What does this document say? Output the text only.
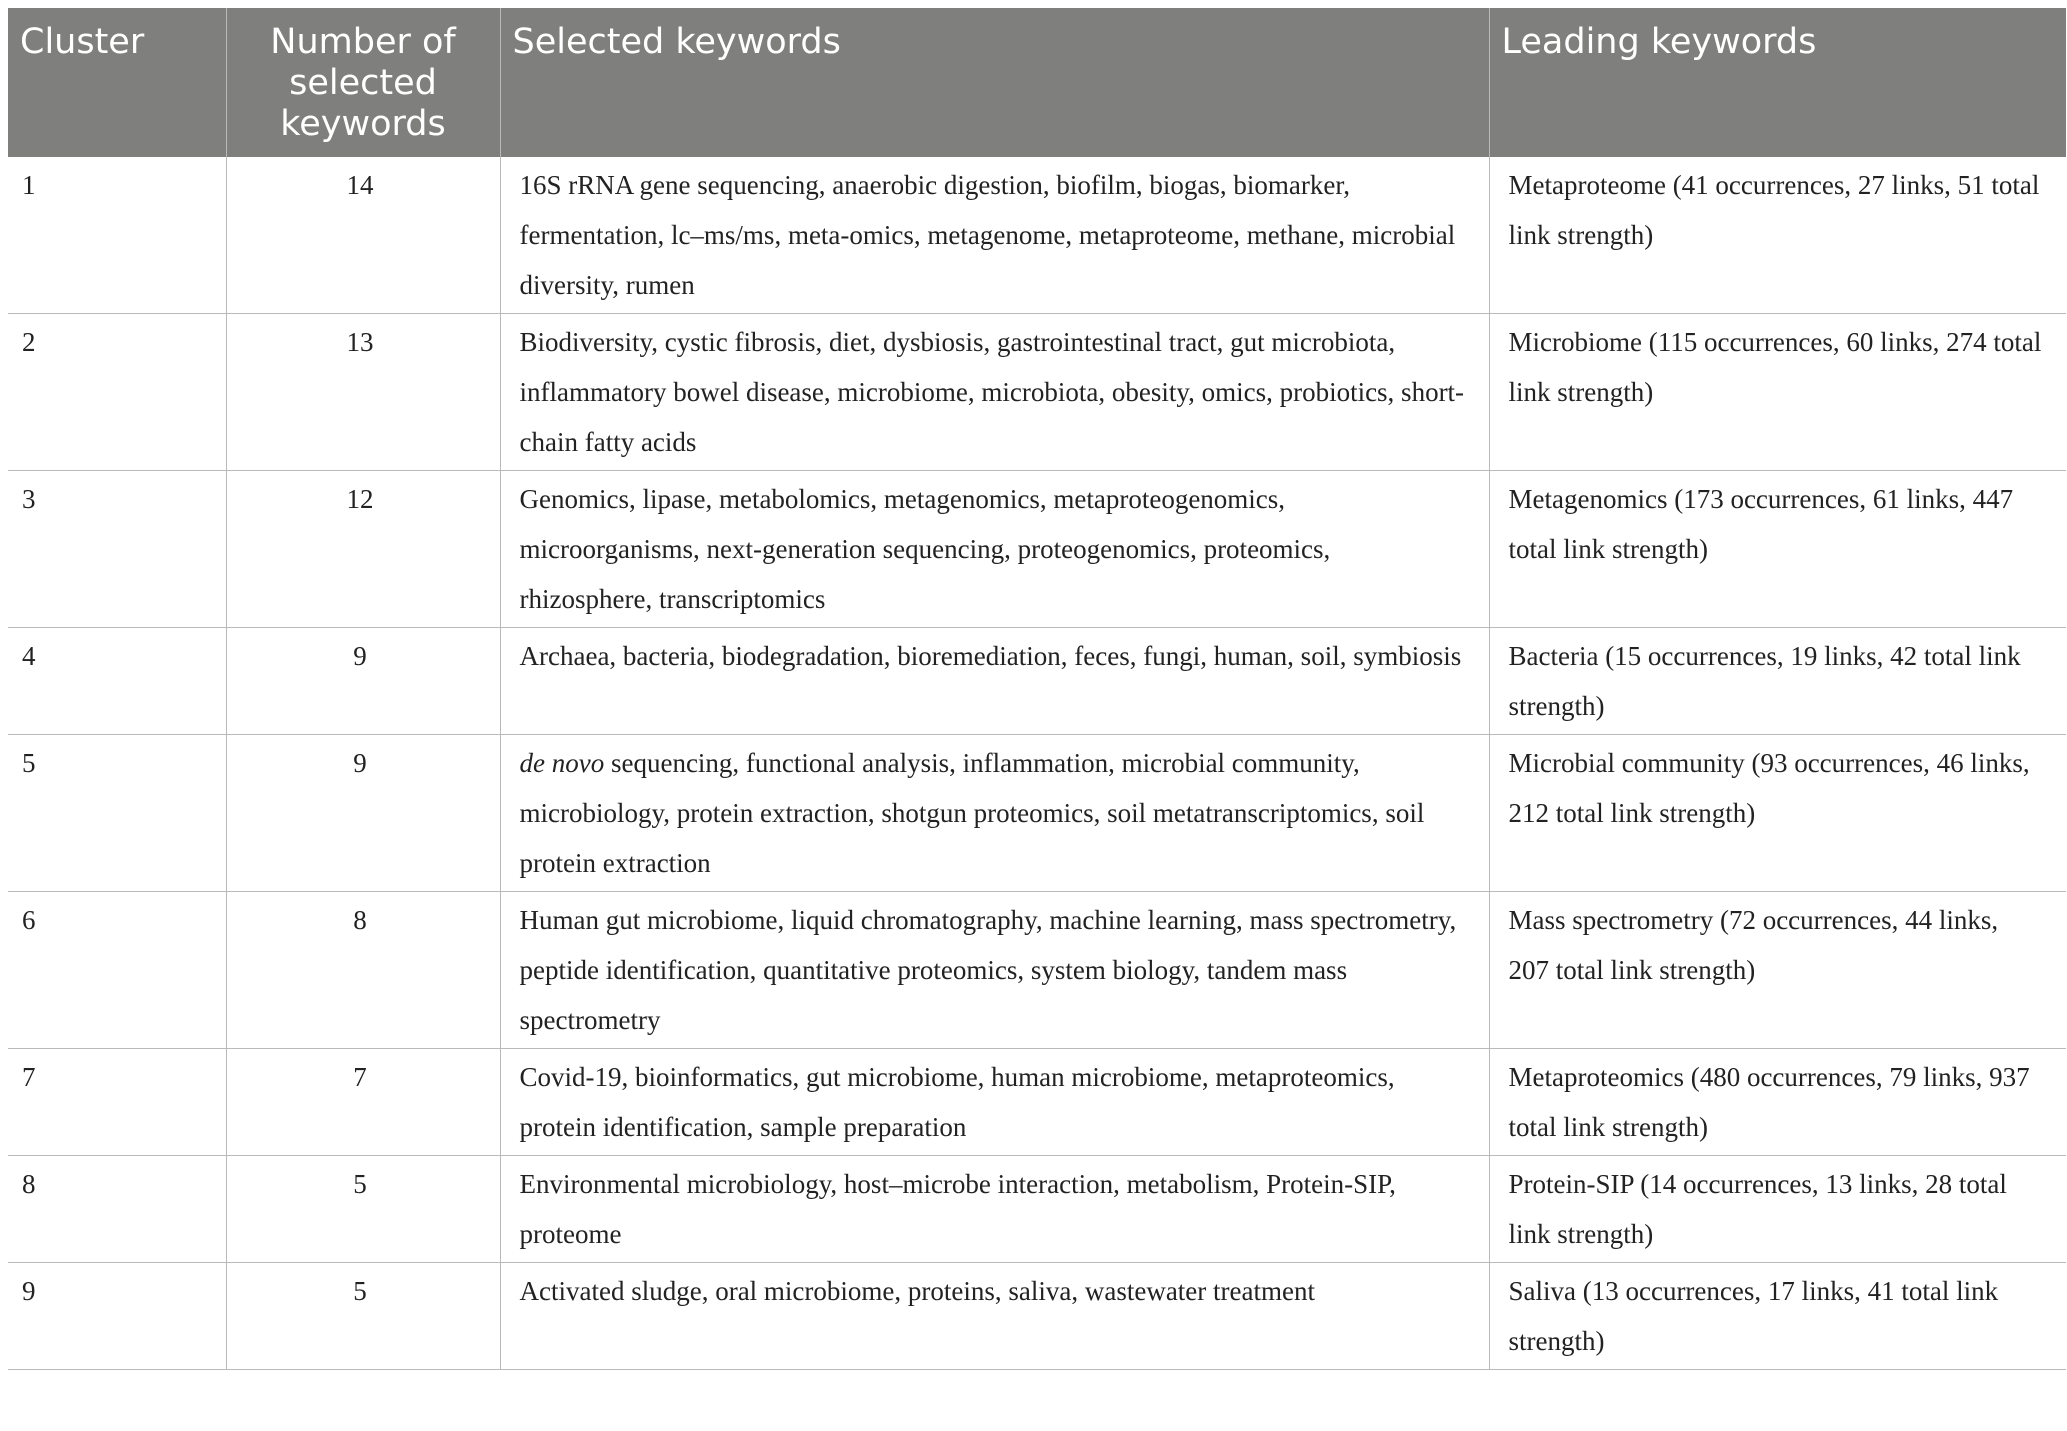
Cluster	Number of selected keywords	Selected keywords	Leading keywords
1	14	16S rRNA gene sequencing, anaerobic digestion, biofilm, biogas, biomarker, fermentation, lc–ms/ms, meta-omics, metagenome, metaproteome, methane, microbial diversity, rumen	Metaproteome (41 occurrences, 27 links, 51 total link strength)
2	13	Biodiversity, cystic fibrosis, diet, dysbiosis, gastrointestinal tract, gut microbiota, inflammatory bowel disease, microbiome, microbiota, obesity, omics, probiotics, short-chain fatty acids	Microbiome (115 occurrences, 60 links, 274 total link strength)
3	12	Genomics, lipase, metabolomics, metagenomics, metaproteogenomics, microorganisms, next-generation sequencing, proteogenomics, proteomics, rhizosphere, transcriptomics	Metagenomics (173 occurrences, 61 links, 447 total link strength)
4	9	Archaea, bacteria, biodegradation, bioremediation, feces, fungi, human, soil, symbiosis	Bacteria (15 occurrences, 19 links, 42 total link strength)
5	9	de novo sequencing, functional analysis, inflammation, microbial community, microbiology, protein extraction, shotgun proteomics, soil metatranscriptomics, soil protein extraction	Microbial community (93 occurrences, 46 links, 212 total link strength)
6	8	Human gut microbiome, liquid chromatography, machine learning, mass spectrometry, peptide identification, quantitative proteomics, system biology, tandem mass spectrometry	Mass spectrometry (72 occurrences, 44 links, 207 total link strength)
7	7	Covid-19, bioinformatics, gut microbiome, human microbiome, metaproteomics, protein identification, sample preparation	Metaproteomics (480 occurrences, 79 links, 937 total link strength)
8	5	Environmental microbiology, host–microbe interaction, metabolism, Protein-SIP, proteome	Protein-SIP (14 occurrences, 13 links, 28 total link strength)
9	5	Activated sludge, oral microbiome, proteins, saliva, wastewater treatment	Saliva (13 occurrences, 17 links, 41 total link strength)
